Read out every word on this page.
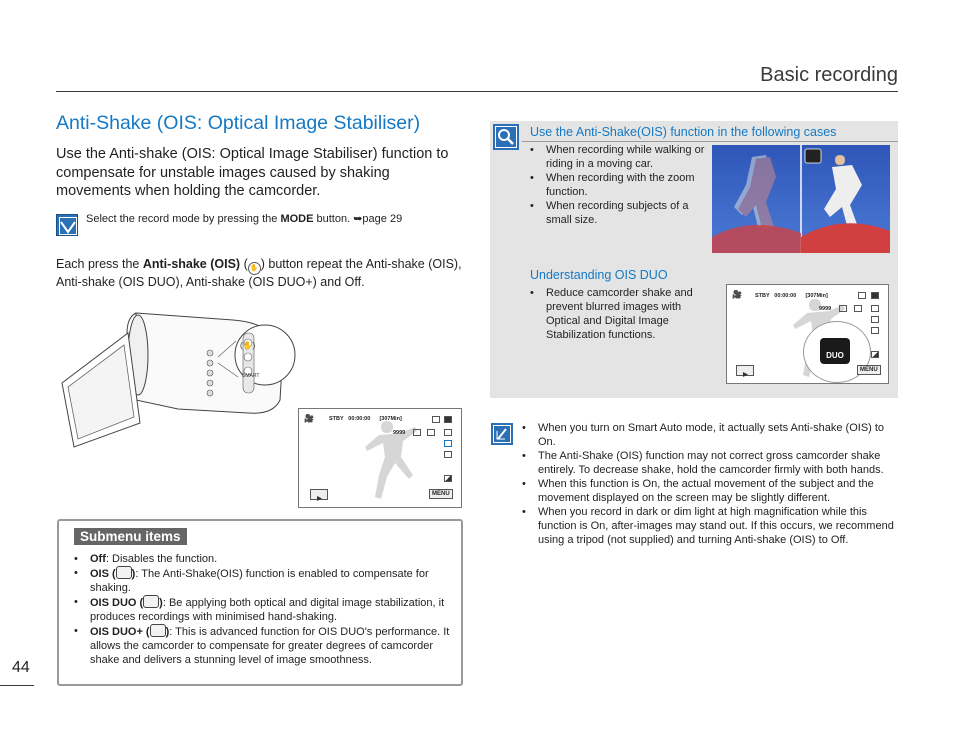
Basic recording
Anti-Shake (OIS: Optical Image Stabiliser)
Use the Anti-shake (OIS: Optical Image Stabiliser) function to compensate for unstable images caused by shaking movements when holding the camcorder.
Select the record mode by pressing the MODE button. ➥page 29
Each press the Anti-shake (OIS) ( ✋ ) button repeat the Anti-shake (OIS), Anti-shake (OIS DUO), Anti-shake (OIS DUO+) and Off.
(✋)
SMART
🎥	STBY 00:00:00 [307Min]
9999
MENU
Submenu items
• Off: Disables the function.
• OIS ( ): The Anti-Shake(OIS) function is enabled to compensate for shaking.
• OIS DUO ( ): Be applying both optical and digital image stabilization, it produces recordings with minimised hand-shaking.
• OIS DUO+ ( ): This is advanced function for OIS DUO's performance. It allows the camcorder to compensate for greater degrees of camcorder shake and delivers a stunning level of image smoothness.
44
Use the Anti-Shake(OIS) function in the following cases
• When recording while walking or riding in a moving car.
• When recording with the zoom function.
• When recording subjects of a small size.
Understanding OIS DUO
• Reduce camcorder shake and prevent blurred images with Optical and Digital Image Stabilization functions.
🎥 STBY 00:00:00 [307Min]
9999
DUO
MENU
• When you turn on Smart Auto mode, it actually sets Anti-shake (OIS) to On.
• The Anti-Shake (OIS) function may not correct gross camcorder shake entirely. To decrease shake, hold the camcorder firmly with both hands.
• When this function is On, the actual movement of the subject and the movement displayed on the screen may be slightly different.
• When you record in dark or dim light at high magnification while this function is On, after-images may stand out. If this occurs, we recommend using a tripod (not supplied) and turning Anti-shake (OIS) to Off.
